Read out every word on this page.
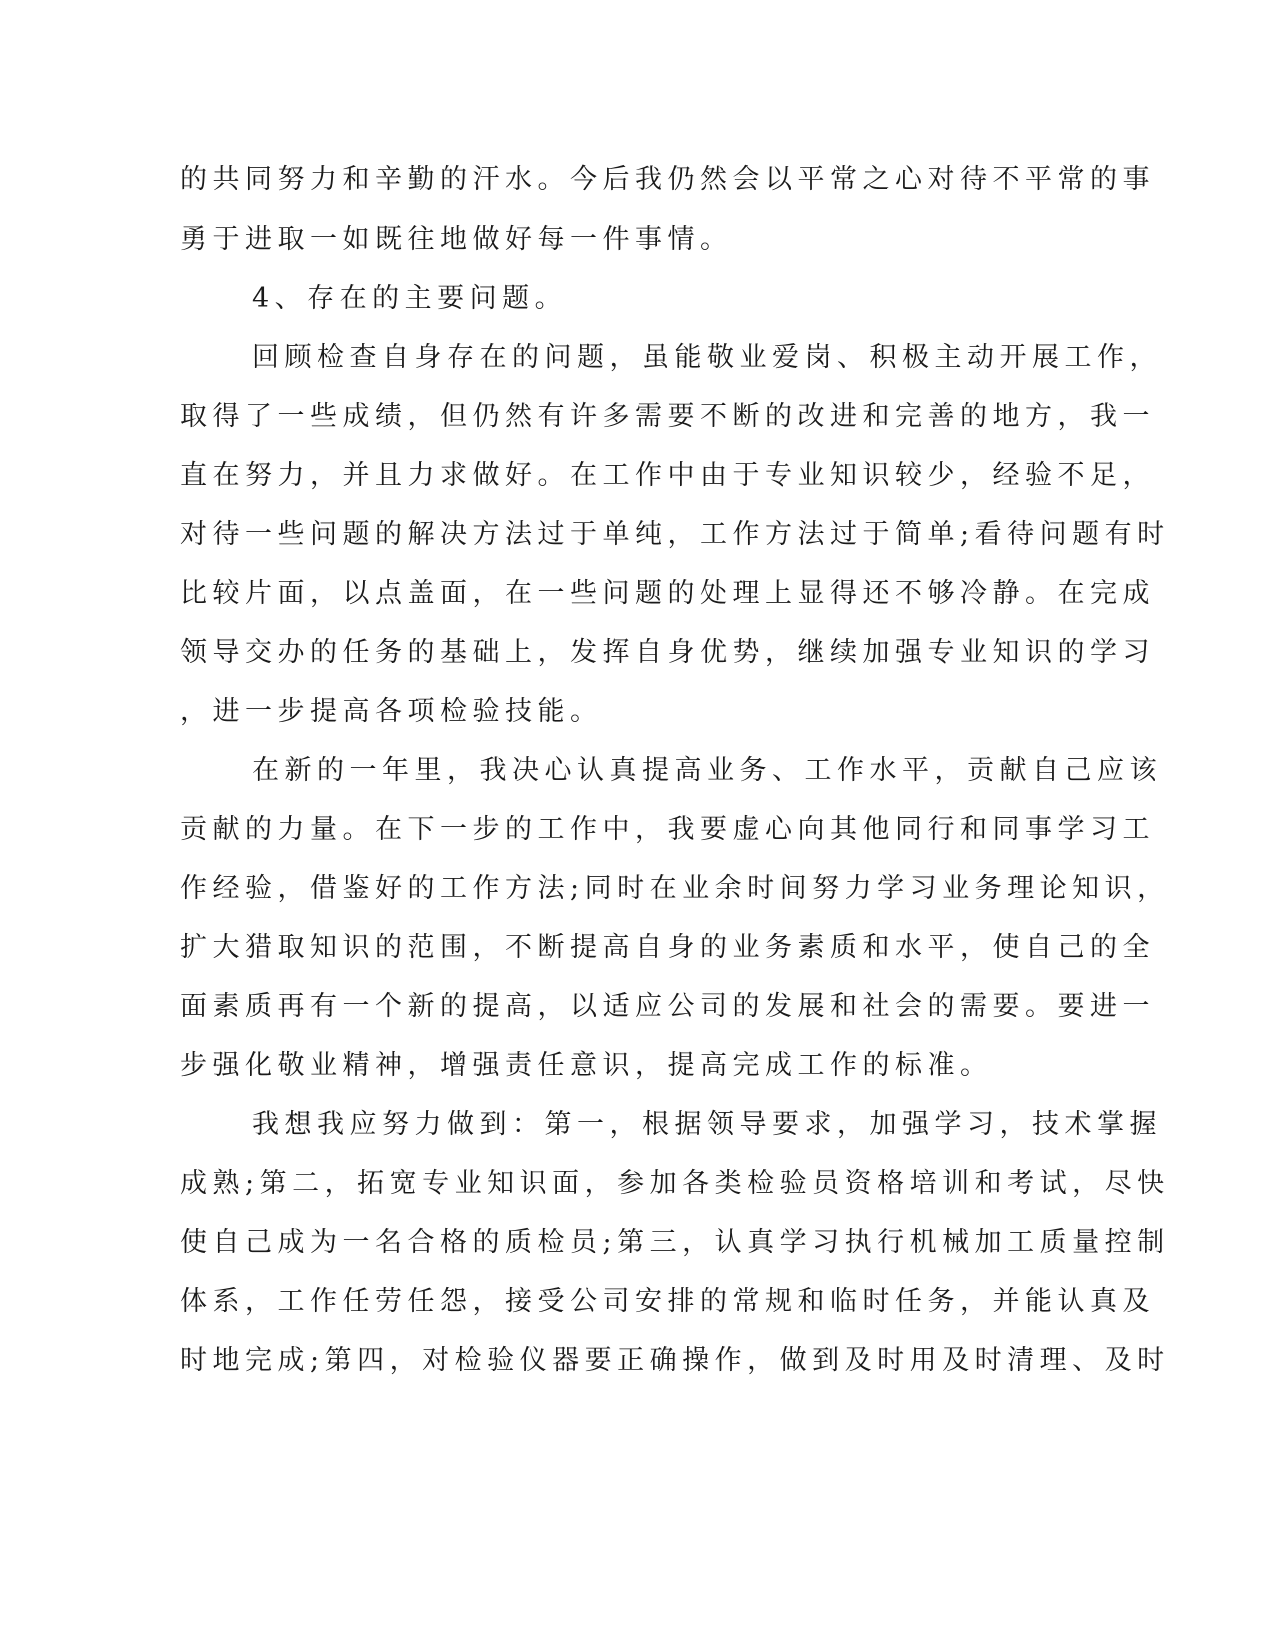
的共同努力和辛勤的汗水。今后我仍然会以平常之心对待不平常的事

勇于进取一如既往地做好每一件事情。

4、存在的主要问题。

回顾检查自身存在的问题，虽能敬业爱岗、积极主动开展工作，

取得了一些成绩，但仍然有许多需要不断的改进和完善的地方，我一

直在努力，并且力求做好。在工作中由于专业知识较少，经验不足，

对待一些问题的解决方法过于单纯，工作方法过于简单;看待问题有时

比较片面，以点盖面，在一些问题的处理上显得还不够冷静。在完成

领导交办的任务的基础上，发挥自身优势，继续加强专业知识的学习

，进一步提高各项检验技能。

在新的一年里，我决心认真提高业务、工作水平，贡献自己应该

贡献的力量。在下一步的工作中，我要虚心向其他同行和同事学习工

作经验，借鉴好的工作方法;同时在业余时间努力学习业务理论知识，

扩大猎取知识的范围，不断提高自身的业务素质和水平，使自己的全

面素质再有一个新的提高，以适应公司的发展和社会的需要。要进一

步强化敬业精神，增强责任意识，提高完成工作的标准。

我想我应努力做到：第一，根据领导要求，加强学习，技术掌握

成熟;第二，拓宽专业知识面，参加各类检验员资格培训和考试，尽快

使自己成为一名合格的质检员;第三，认真学习执行机械加工质量控制

体系，工作任劳任怨，接受公司安排的常规和临时任务，并能认真及

时地完成;第四，对检验仪器要正确操作，做到及时用及时清理、及时
